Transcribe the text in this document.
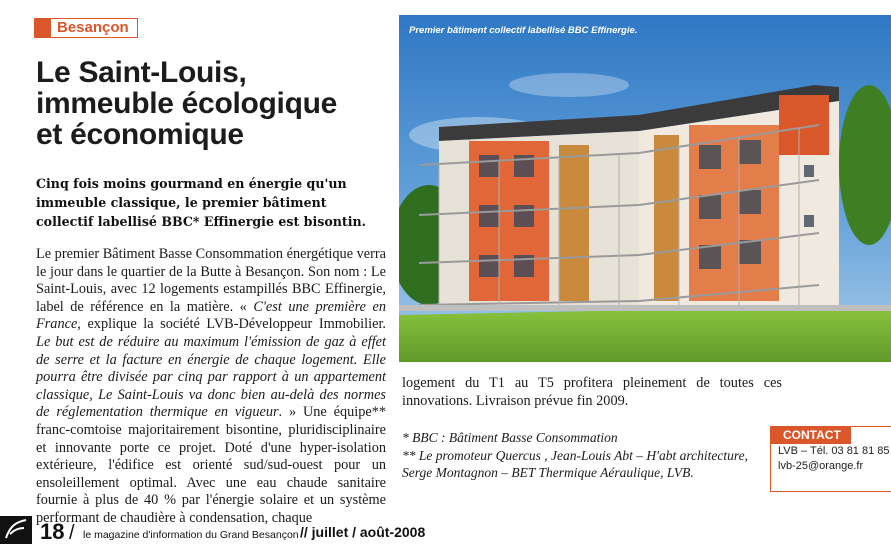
Besançon
Le Saint-Louis,
immeuble écologique
et économique

Cinq fois moins gourmand en énergie qu'un immeuble classique, le premier bâtiment collectif labellisé BBC* Effinergie est bisontin.

Le premier Bâtiment Basse Consommation énergétique verra le jour dans le quartier de la Butte à Besançon. Son nom : Le Saint-Louis, avec 12 logements estampillés BBC Effinergie, label de référence en la matière. « C'est une première en France, explique la société LVB-Développeur Immobilier. Le but est de réduire au maximum l'émission de gaz à effet de serre et la facture en énergie de chaque logement. Elle pourra être divisée par cinq par rapport à un appartement classique, Le Saint-Louis va donc bien au-delà des normes de réglementation thermique en vigueur. » Une équipe** franc-comtoise majoritairement bisontine, pluridisciplinaire et innovante porte ce projet. Doté d'une hyper-isolation extérieure, l'édifice est orienté sud/sud-ouest pour un ensoleillement optimal. Avec une eau chaude sanitaire fournie à plus de 40 % par l'énergie solaire et un système performant de chaudière à condensation, chaque

Premier bâtiment collectif labellisé BBC Effinergie.

logement du T1 au T5 profitera pleinement de toutes ces innovations. Livraison prévue fin 2009.

* BBC : Bâtiment Basse Consommation
** Le promoteur Quercus , Jean-Louis Abt – H'abt architecture, Serge Montagnon – BET Thermique Aéraulique, LVB.
CONTACT
LVB – Tél. 03 81 81 85
lvb-25@orange.fr
18 / le magazine d'information du Grand Besançon // juillet / août-2008
